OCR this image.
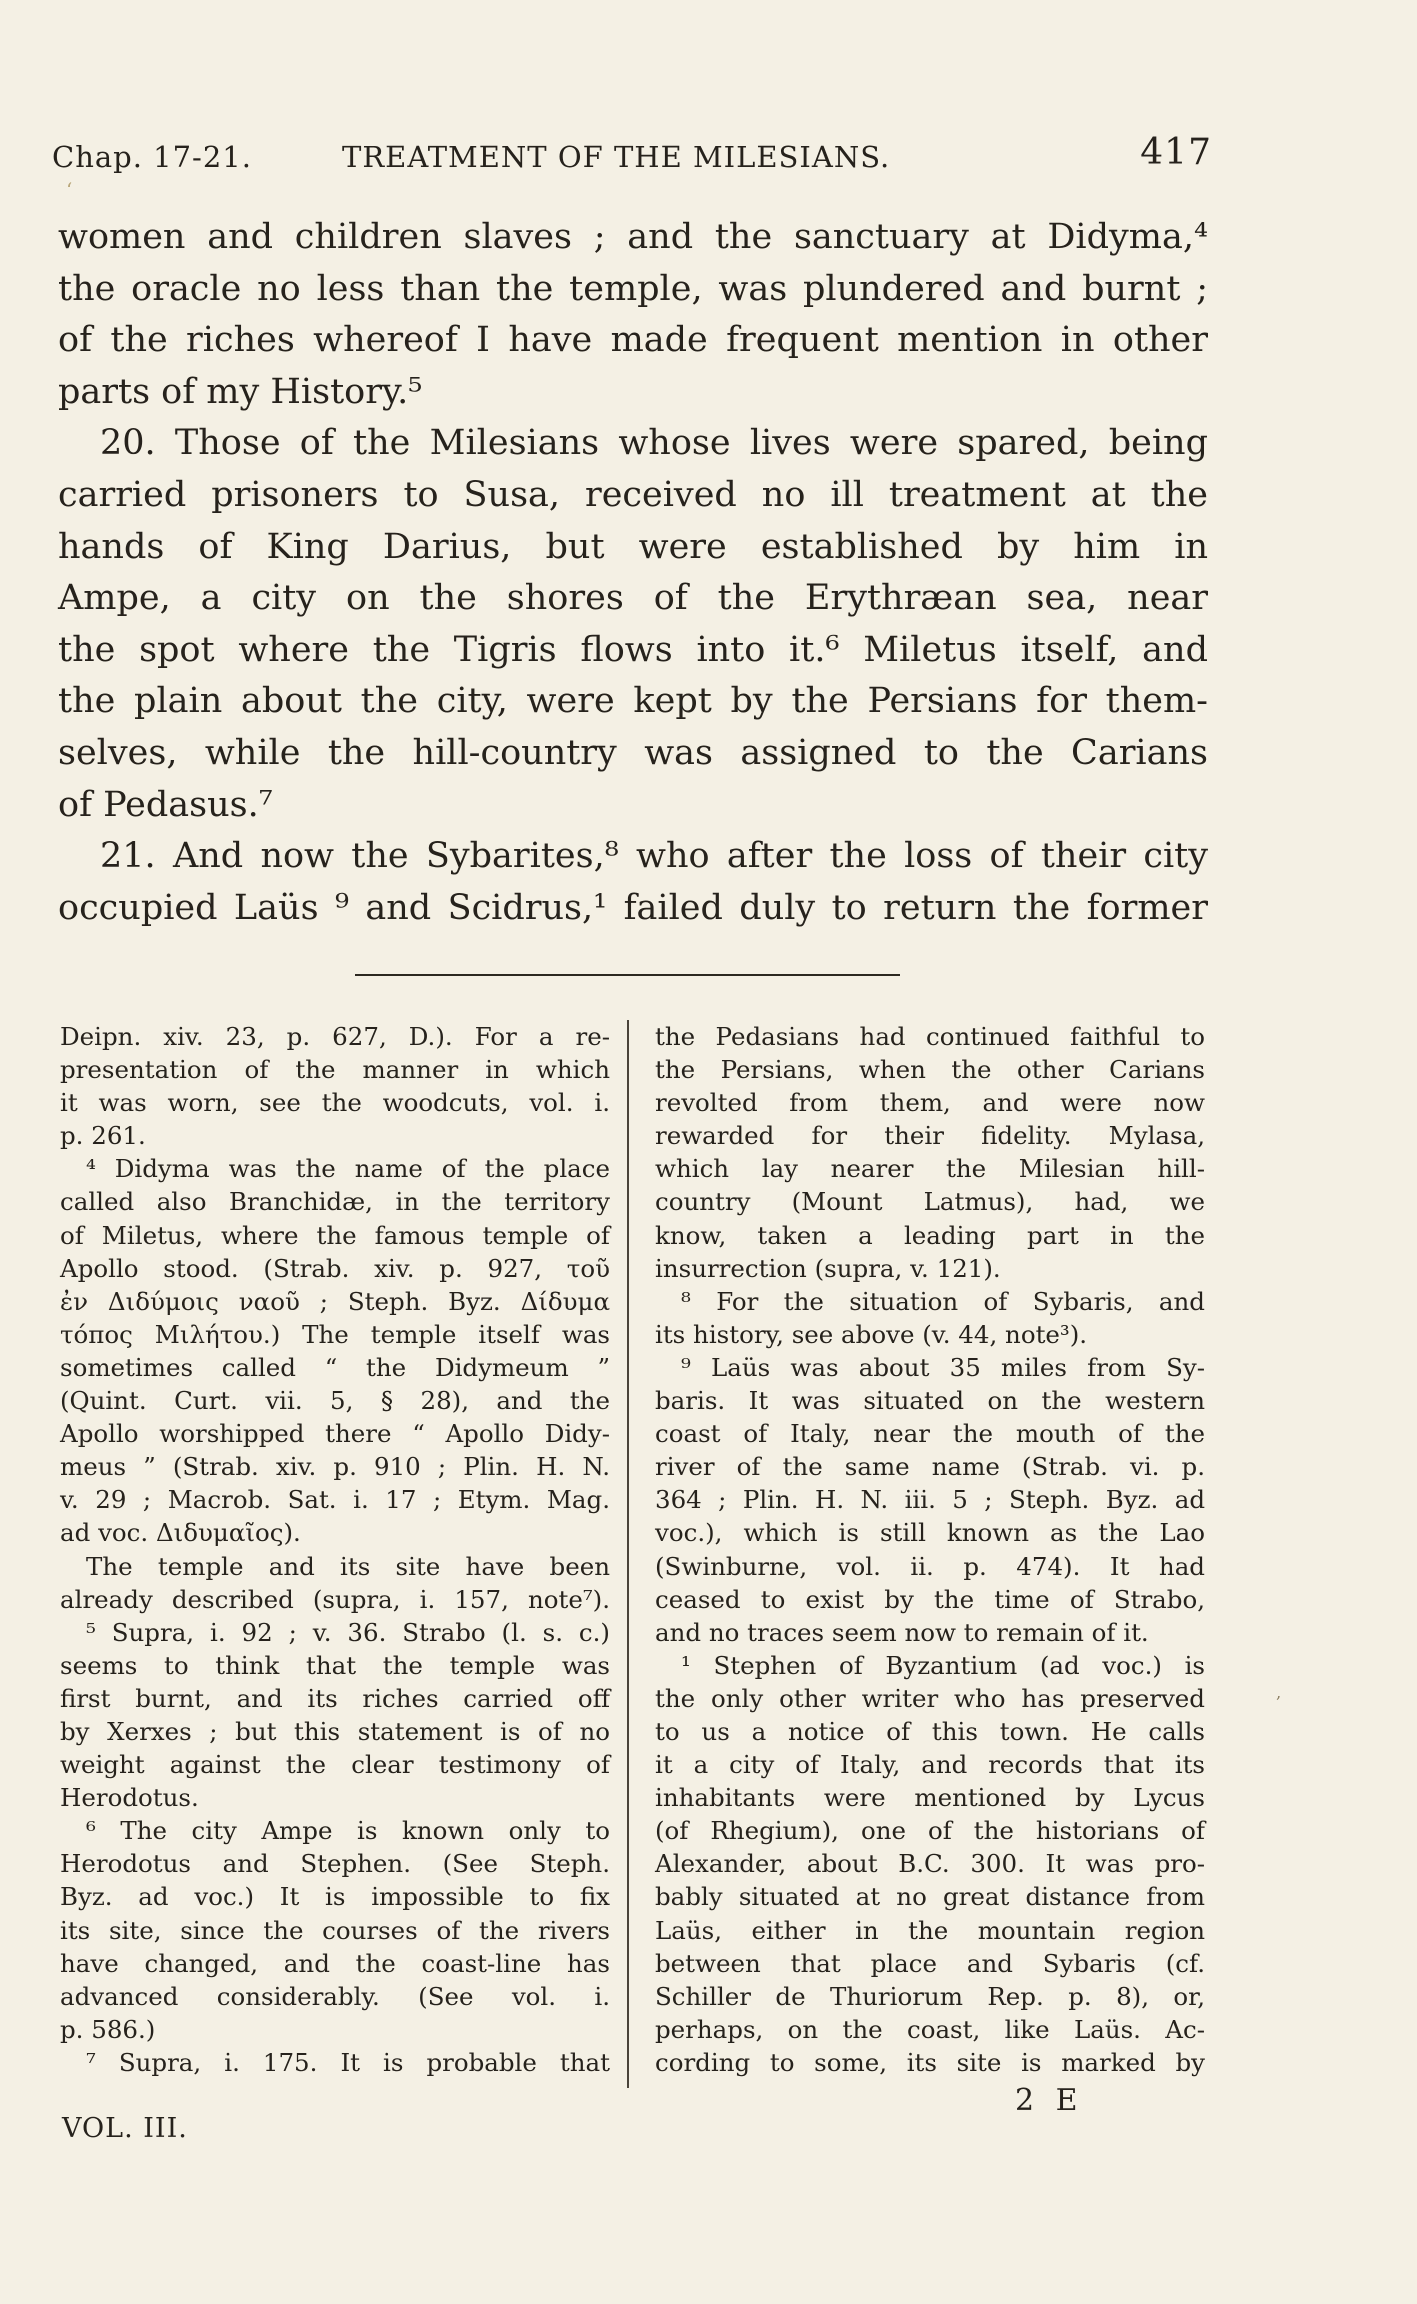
Chap. 17-21.	TREATMENT OF THE MILESIANS.	417
‘
women and children slaves ; and the sanctuary at Didyma,⁴
the oracle no less than the temple, was plundered and burnt ;
of the riches whereof I have made frequent mention in other
parts of my History.⁵
20. Those of the Milesians whose lives were spared, being
carried prisoners to Susa, received no ill treatment at the
hands of King Darius, but were established by him in
Ampe, a city on the shores of the Erythræan sea, near
the spot where the Tigris flows into it.⁶ Miletus itself, and
the plain about the city, were kept by the Persians for them-
selves, while the hill-country was assigned to the Carians
of Pedasus.⁷
21. And now the Sybarites,⁸ who after the loss of their city
occupied Laüs ⁹ and Scidrus,¹ failed duly to return the former
Deipn. xiv. 23, p. 627, D.). For a re-
presentation of the manner in which
it was worn, see the woodcuts, vol. i.
p. 261.
⁴ Didyma was the name of the place
called also Branchidæ, in the territory
of Miletus, where the famous temple of
Apollo stood. (Strab. xiv. p. 927, τοῦ
ἐν Διδύμοις ναοῦ ; Steph. Byz. Δίδυμα
τόπος Μιλήτου.) The temple itself was
sometimes called “ the Didymeum ”
(Quint. Curt. vii. 5, § 28), and the
Apollo worshipped there “ Apollo Didy-
meus ” (Strab. xiv. p. 910 ; Plin. H. N.
v. 29 ; Macrob. Sat. i. 17 ; Etym. Mag.
ad voc. Διδυμαῖος).
The temple and its site have been
already described (supra, i. 157, note⁷).
⁵ Supra, i. 92 ; v. 36. Strabo (l. s. c.)
seems to think that the temple was
first burnt, and its riches carried off
by Xerxes ; but this statement is of no
weight against the clear testimony of
Herodotus.
⁶ The city Ampe is known only to
Herodotus and Stephen. (See Steph.
Byz. ad voc.) It is impossible to fix
its site, since the courses of the rivers
have changed, and the coast-line has
advanced considerably. (See vol. i.
p. 586.)
⁷ Supra, i. 175. It is probable that
the Pedasians had continued faithful to
the Persians, when the other Carians
revolted from them, and were now
rewarded for their fidelity. Mylasa,
which lay nearer the Milesian hill-
country (Mount Latmus), had, we
know, taken a leading part in the
insurrection (supra, v. 121).
⁸ For the situation of Sybaris, and
its history, see above (v. 44, note³).
⁹ Laüs was about 35 miles from Sy-
baris. It was situated on the western
coast of Italy, near the mouth of the
river of the same name (Strab. vi. p.
364 ; Plin. H. N. iii. 5 ; Steph. Byz. ad
voc.), which is still known as the Lao
(Swinburne, vol. ii. p. 474). It had
ceased to exist by the time of Strabo,
and no traces seem now to remain of it.
¹ Stephen of Byzantium (ad voc.) is
the only other writer who has preserved
to us a notice of this town. He calls
it a city of Italy, and records that its
inhabitants were mentioned by Lycus
(of Rhegium), one of the historians of
Alexander, about B.C. 300. It was pro-
bably situated at no great distance from
Laüs, either in the mountain region
between that place and Sybaris (cf.
Schiller de Thuriorum Rep. p. 8), or,
perhaps, on the coast, like Laüs. Ac-
cording to some, its site is marked by
‚
2 E
VOL. III.
